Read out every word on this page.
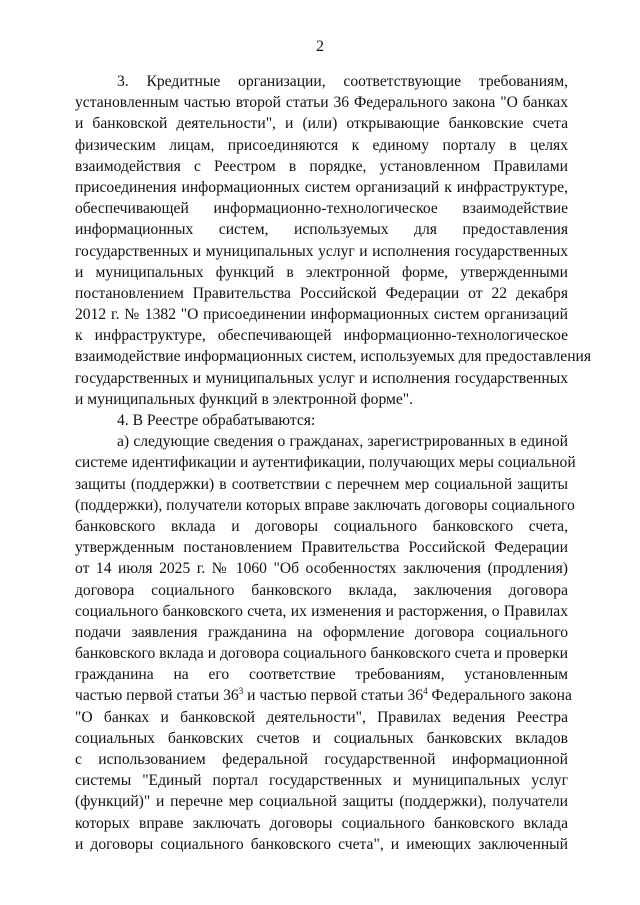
2
3. Кредитные организации, соответствующие требованиям,
установленным частью второй статьи 36 Федерального закона "О банках
и банковской деятельности", и (или) открывающие банковские счета
физическим лицам, присоединяются к единому порталу в целях
взаимодействия с Реестром в порядке, установленном Правилами
присоединения информационных систем организаций к инфраструктуре,
обеспечивающей информационно-технологическое взаимодействие
информационных систем, используемых для предоставления
государственных и муниципальных услуг и исполнения государственных
и муниципальных функций в электронной форме, утвержденными
постановлением Правительства Российской Федерации от 22 декабря
2012 г. № 1382 "О присоединении информационных систем организаций
к инфраструктуре, обеспечивающей информационно-технологическое
взаимодействие информационных систем, используемых для предоставления
государственных и муниципальных услуг и исполнения государственных
и муниципальных функций в электронной форме".
4. В Реестре обрабатываются:
а) следующие сведения о гражданах, зарегистрированных в единой
системе идентификации и аутентификации, получающих меры социальной
защиты (поддержки) в соответствии с перечнем мер социальной защиты
(поддержки), получатели которых вправе заключать договоры социального
банковского вклада и договоры социального банковского счета,
утвержденным постановлением Правительства Российской Федерации
от 14 июля 2025 г. № 1060 "Об особенностях заключения (продления)
договора социального банковского вклада, заключения договора
социального банковского счета, их изменения и расторжения, о Правилах
подачи заявления гражданина на оформление договора социального
банковского вклада и договора социального банковского счета и проверки
гражданина на его соответствие требованиям, установленным
частью первой статьи $36^3$ и частью первой статьи $36^4$ Федерального закона
"О банках и банковской деятельности", Правилах ведения Реестра
социальных банковских счетов и социальных банковских вкладов
с использованием федеральной государственной информационной
системы "Единый портал государственных и муниципальных услуг
(функций)" и перечне мер социальной защиты (поддержки), получатели
которых вправе заключать договоры социального банковского вклада
и договоры социального банковского счета", и имеющих заключенный
